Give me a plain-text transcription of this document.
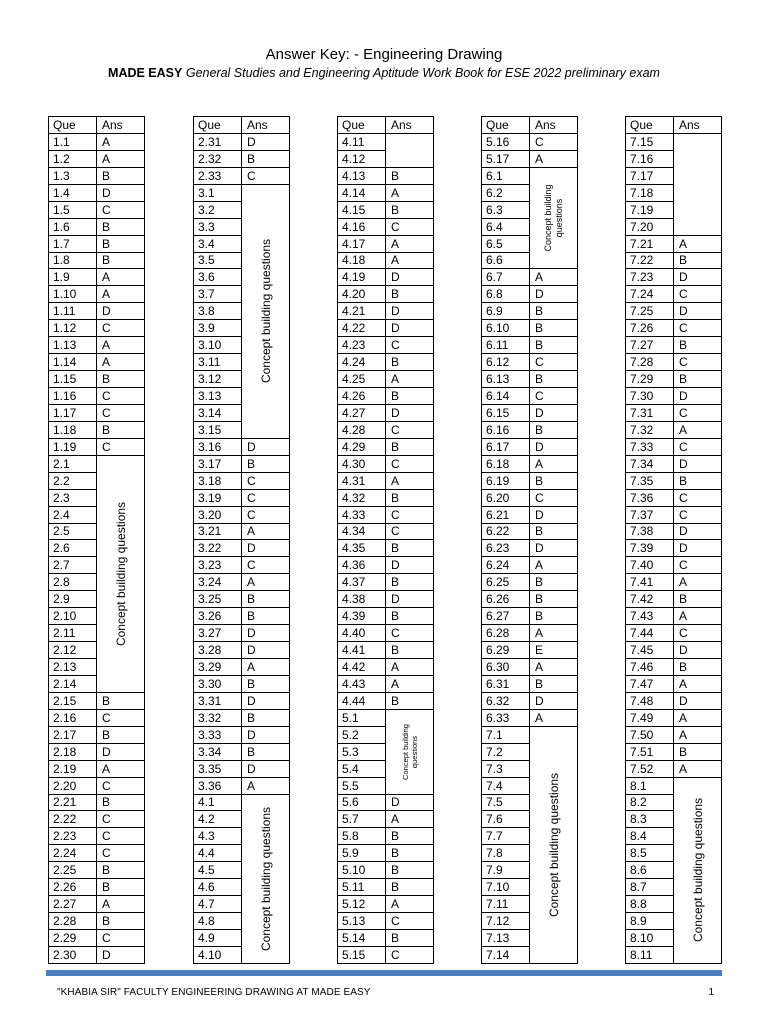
Answer Key: - Engineering Drawing
MADE EASY General Studies and Engineering Aptitude Work Book for ESE 2022 preliminary exam
Que	Ans
1.1	A
1.2	A
1.3	B
1.4	D
1.5	C
1.6	B
1.7	B
1.8	B
1.9	A
1.10	A
1.11	D
1.12	C
1.13	A
1.14	A
1.15	B
1.16	C
1.17	C
1.18	B
1.19	C
2.1	Concept building questions

2.2	
2.3	
2.4	
2.5	
2.6	
2.7	
2.8	
2.9	
2.10	
2.11	
2.12	
2.13	
2.14	
2.15	B
2.16	C
2.17	B
2.18	D
2.19	A
2.20	C
2.21	B
2.22	C
2.23	C
2.24	C
2.25	B
2.26	B
2.27	A
2.28	B
2.29	C
2.30	D
Que	Ans	
2.31	D	
2.32	B	
2.33	C	
3.1	Concept building questions	

3.2		
3.3		
3.4		
3.5		
3.6		
3.7		
3.8		
3.9		
3.10		
3.11		
3.12		
3.13		
3.14		
3.15	
3.16	D	
3.17	B	
3.18	C	
3.19	C	
3.20	C	
3.21	A	
3.22	D	
3.23	C	
3.24	A	
3.25	B	
3.26	B	
3.27	D	
3.28	D	
3.29	A	
3.30	B	
3.31	D	
3.32	B	
3.33	D	
3.34	B	
3.35	D	
3.36	A	
4.1	Concept building questions	

4.2		
4.3		
4.4		
4.5		
4.6		
4.7		
4.8		
4.9		
4.10		
Que	Ans
4.11	

4.12	
4.13	B
4.14	A
4.15	B
4.16	C
4.17	A
4.18	A
4.19	D
4.20	B
4.21	D
4.22	D
4.23	C
4.24	B
4.25	A
4.26	B
4.27	D
4.28	C
4.29	B
4.30	C
4.31	A
4.32	B
4.33	C
4.34	C
4.35	B
4.36	D
4.37	B
4.38	D
4.39	B
4.40	C
4.41	B
4.42	A
4.43	A
4.44	B
5.1	Concept building questions

5.2	
5.3	
5.4	
5.5	
5.6	D
5.7	A
5.8	B
5.9	B
5.10	B
5.11	B
5.12	A
5.13	C
5.14	B
5.15	C
Que	Ans
5.16	C
5.17	A
6.1	Concept building questions

6.2	
6.3	
6.4	
6.5	
6.6	
6.7	A
6.8	D
6.9	B
6.10	B
6.11	B
6.12	C
6.13	B
6.14	C
6.15	D
6.16	B
6.17	D
6.18	A
6.19	B
6.20	C
6.21	D
6.22	B
6.23	D
6.24	A
6.25	B
6.26	B
6.27	B
6.28	A
6.29	E
6.30	A
6.31	B
6.32	D
6.33	A
7.1	Concept building questions

7.2	
7.3	
7.4	
7.5	
7.6	
7.7	
7.8	
7.9	
7.10	
7.11	
7.12	
7.13	
7.14	
Que	Ans	
7.15		

7.16		
7.17		
7.18		
7.19		
7.20	
7.21	A	
7.22	B	
7.23	D	
7.24	C	
7.25	D	
7.26	C	
7.27	B	
7.28	C	
7.29	B	
7.30	D	
7.31	C	
7.32	A	
7.33	C	
7.34	D	
7.35	B	
7.36	C	
7.37	C	
7.38	D	
7.39	D	
7.40	C	
7.41	A	
7.42	B	
7.43	A	
7.44	C	
7.45	D	
7.46	B	
7.47	A	
7.48	D	
7.49	A	
7.50	A	
7.51	B	
7.52	A	
8.1	Concept building questions	

8.2		
8.3		
8.4		
8.5		
8.6		
8.7		
8.8		
8.9		
8.10		
8.11		
"KHABIA SIR" FACULTY ENGINEERING DRAWING AT MADE EASY	1
